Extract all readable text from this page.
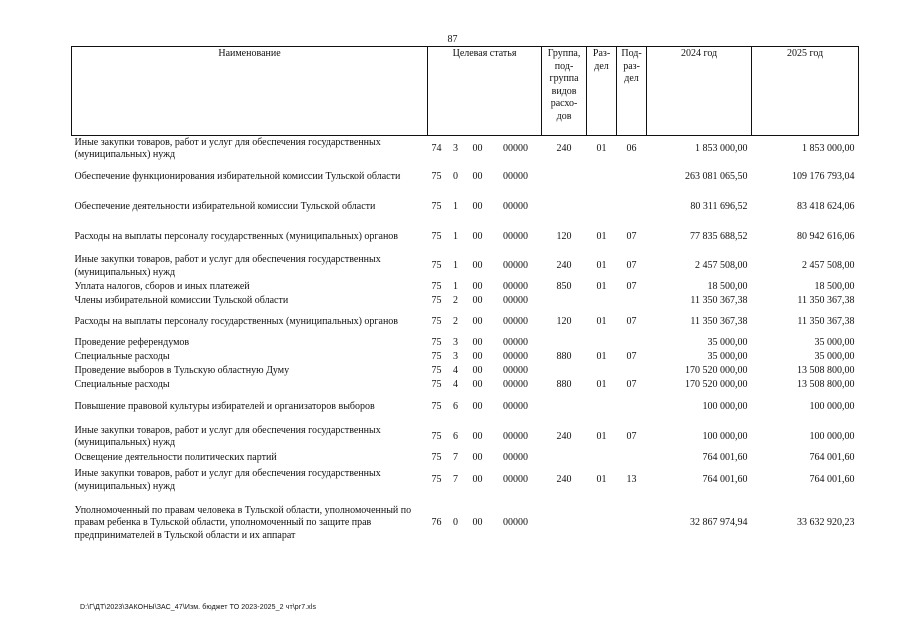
87
Наименование	Целевая статья				Группа, под- группа видов расхо- дов	Раз- дел	Под- раз- дел	2024 год	2025 год
Иные закупки товаров, работ и услуг для обеспечения государственных (муниципальных) нужд	74	3	00	00000	240	01	06	1 853 000,00	1 853 000,00
Обеспечение функционирования избирательной комиссии Тульской области	75	0	00	00000				263 081 065,50	109 176 793,04
Обеспечение деятельности избирательной комиссии Тульской области	75	1	00	00000				80 311 696,52	83 418 624,06
Расходы на выплаты персоналу государственных (муниципальных) органов	75	1	00	00000	120	01	07	77 835 688,52	80 942 616,06
Иные закупки товаров, работ и услуг для обеспечения государственных (муниципальных) нужд	75	1	00	00000	240	01	07	2 457 508,00	2 457 508,00
Уплата налогов, сборов и иных платежей	75	1	00	00000	850	01	07	18 500,00	18 500,00
Члены избирательной комиссии Тульской области	75	2	00	00000				11 350 367,38	11 350 367,38
Расходы на выплаты персоналу государственных (муниципальных) органов	75	2	00	00000	120	01	07	11 350 367,38	11 350 367,38
Проведение референдумов	75	3	00	00000				35 000,00	35 000,00
Специальные расходы	75	3	00	00000	880	01	07	35 000,00	35 000,00
Проведение выборов в Тульскую областную Думу	75	4	00	00000				170 520 000,00	13 508 800,00
Специальные расходы	75	4	00	00000	880	01	07	170 520 000,00	13 508 800,00
Повышение правовой культуры избирателей и организаторов выборов	75	6	00	00000				100 000,00	100 000,00
Иные закупки товаров, работ и услуг для обеспечения государственных (муниципальных) нужд	75	6	00	00000	240	01	07	100 000,00	100 000,00
Освещение деятельности политических партий	75	7	00	00000				764 001,60	764 001,60
Иные закупки товаров, работ и услуг для обеспечения государственных (муниципальных) нужд	75	7	00	00000	240	01	13	764 001,60	764 001,60
Уполномоченный по правам человека в Тульской области, уполномоченный по правам ребенка в Тульской области, уполномоченный по защите прав предпринимателей в Тульской области и их аппарат	76	0	00	00000				32 867 974,94	33 632 920,23
D:\Г\ДТ\2023\ЗАКОНЫ\ЗАС_47\Изм. бюджет ТО 2023-2025_2 чт\pr7.xls
